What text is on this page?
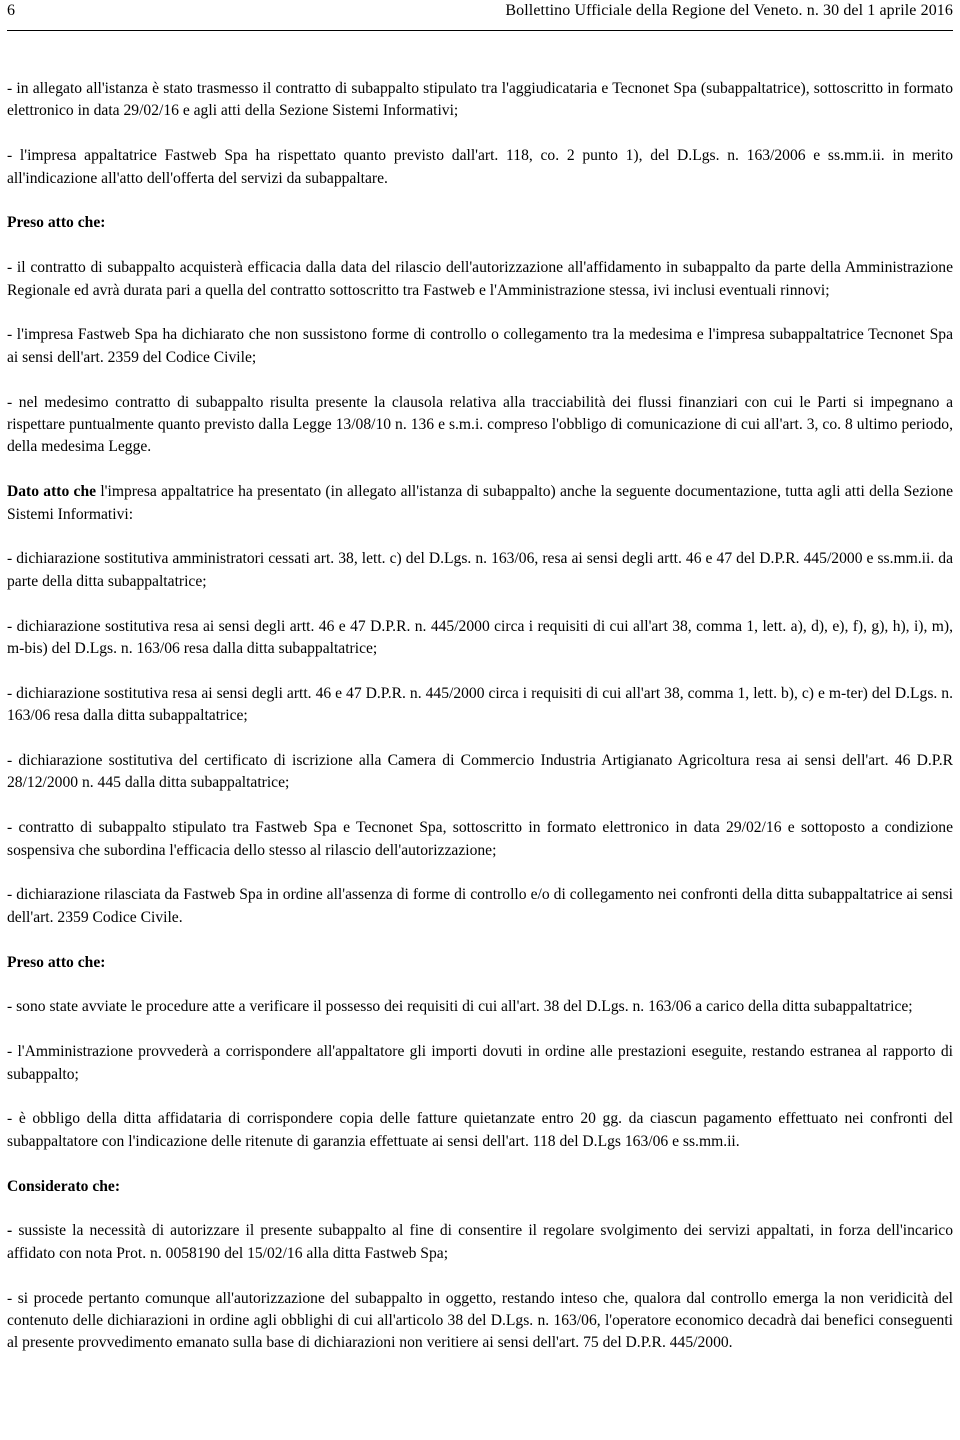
6	Bollettino Ufficiale della Regione del Veneto. n. 30 del 1 aprile 2016

- in allegato all'istanza è stato trasmesso il contratto di subappalto stipulato tra l'aggiudicataria e Tecnonet Spa (subappaltatrice), sottoscritto in formato elettronico in data 29/02/16 e agli atti della Sezione Sistemi Informativi;

- l'impresa appaltatrice Fastweb Spa ha rispettato quanto previsto dall'art. 118, co. 2 punto 1), del D.Lgs. n. 163/2006 e ss.mm.ii. in merito all'indicazione all'atto dell'offerta del servizi da subappaltare.

Preso atto che:

- il contratto di subappalto acquisterà efficacia dalla data del rilascio dell'autorizzazione all'affidamento in subappalto da parte della Amministrazione Regionale ed avrà durata pari a quella del contratto sottoscritto tra Fastweb e l'Amministrazione stessa, ivi inclusi eventuali rinnovi;

- l'impresa Fastweb Spa ha dichiarato che non sussistono forme di controllo o collegamento tra la medesima e l'impresa subappaltatrice Tecnonet Spa ai sensi dell'art. 2359 del Codice Civile;

- nel medesimo contratto di subappalto risulta presente la clausola relativa alla tracciabilità dei flussi finanziari con cui le Parti si impegnano a rispettare puntualmente quanto previsto dalla Legge 13/08/10 n. 136 e s.m.i. compreso l'obbligo di comunicazione di cui all'art. 3, co. 8 ultimo periodo, della medesima Legge.

Dato atto che l'impresa appaltatrice ha presentato (in allegato all'istanza di subappalto) anche la seguente documentazione, tutta agli atti della Sezione Sistemi Informativi:

- dichiarazione sostitutiva amministratori cessati art. 38, lett. c) del D.Lgs. n. 163/06, resa ai sensi degli artt. 46 e 47 del D.P.R. 445/2000 e ss.mm.ii. da parte della ditta subappaltatrice;

- dichiarazione sostitutiva resa ai sensi degli artt. 46 e 47 D.P.R. n. 445/2000 circa i requisiti di cui all'art 38, comma 1, lett. a), d), e), f), g), h), i), m), m-bis) del D.Lgs. n. 163/06 resa dalla ditta subappaltatrice;

- dichiarazione sostitutiva resa ai sensi degli artt. 46 e 47 D.P.R. n. 445/2000 circa i requisiti di cui all'art 38, comma 1, lett. b), c) e m-ter) del D.Lgs. n. 163/06 resa dalla ditta subappaltatrice;

- dichiarazione sostitutiva del certificato di iscrizione alla Camera di Commercio Industria Artigianato Agricoltura resa ai sensi dell'art. 46 D.P.R 28/12/2000 n. 445 dalla ditta subappaltatrice;

- contratto di subappalto stipulato tra Fastweb Spa e Tecnonet Spa, sottoscritto in formato elettronico in data 29/02/16 e sottoposto a condizione sospensiva che subordina l'efficacia dello stesso al rilascio dell'autorizzazione;

- dichiarazione rilasciata da Fastweb Spa in ordine all'assenza di forme di controllo e/o di collegamento nei confronti della ditta subappaltatrice ai sensi dell'art. 2359 Codice Civile.

Preso atto che:

- sono state avviate le procedure atte a verificare il possesso dei requisiti di cui all'art. 38 del D.Lgs. n. 163/06 a carico della ditta subappaltatrice;

- l'Amministrazione provvederà a corrispondere all'appaltatore gli importi dovuti in ordine alle prestazioni eseguite, restando estranea al rapporto di subappalto;

- è obbligo della ditta affidataria di corrispondere copia delle fatture quietanzate entro 20 gg. da ciascun pagamento effettuato nei confronti del subappaltatore con l'indicazione delle ritenute di garanzia effettuate ai sensi dell'art. 118 del D.Lgs 163/06 e ss.mm.ii.

Considerato che:

- sussiste la necessità di autorizzare il presente subappalto al fine di consentire il regolare svolgimento dei servizi appaltati, in forza dell'incarico affidato con nota Prot. n. 0058190 del 15/02/16 alla ditta Fastweb Spa;

- si procede pertanto comunque all'autorizzazione del subappalto in oggetto, restando inteso che, qualora dal controllo emerga la non veridicità del contenuto delle dichiarazioni in ordine agli obblighi di cui all'articolo 38 del D.Lgs. n. 163/06, l'operatore economico decadrà dai benefici conseguenti al presente provvedimento emanato sulla base di dichiarazioni non veritiere ai sensi dell'art. 75 del D.P.R. 445/2000.
